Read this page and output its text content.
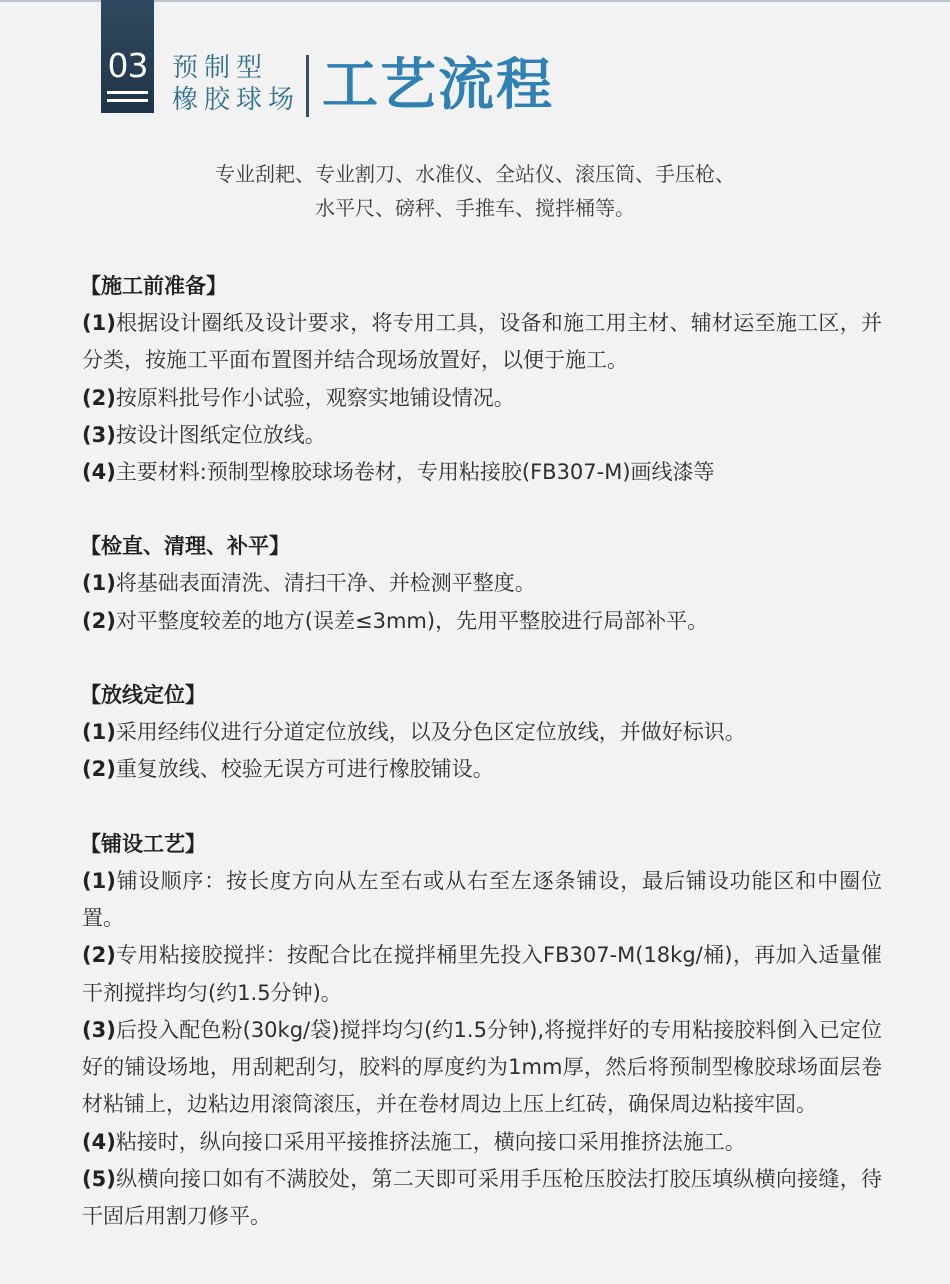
03 预制型
橡胶球场 工艺流程
专业刮耙、专业割刀、水准仪、全站仪、滚压筒、手压枪、
水平尺、磅秤、手推车、搅拌桶等。
【施工前准备】
(1)根据设计圈纸及设计要求，将专用工具，设备和施工用主材、辅材运至施工区，并分类，按施工平面布置图并结合现场放置好，以便于施工。
(2)按原料批号作小试验，观察实地铺设情况。
(3)按设计图纸定位放线。
(4)主要材料:预制型橡胶球场卷材，专用粘接胶(FB307-M)画线漆等
【检直、清理、补平】
(1)将基础表面清洗、清扫干净、并检测平整度。
(2)对平整度较差的地方(误差≤3mm)，先用平整胶进行局部补平。
【放线定位】
(1)采用经纬仪进行分道定位放线，以及分色区定位放线，并做好标识。
(2)重复放线、校验无误方可进行橡胶铺设。
【铺设工艺】
(1)铺设顺序：按长度方向从左至右或从右至左逐条铺设，最后铺设功能区和中圈位置。
(2)专用粘接胶搅拌：按配合比在搅拌桶里先投入FB307-M(18kg/桶)，再加入适量催干剂搅拌均匀(约1.5分钟)。
(3)后投入配色粉(30kg/袋)搅拌均匀(约1.5分钟),将搅拌好的专用粘接胶料倒入已定位好的铺设场地，用刮耙刮匀，胶料的厚度约为1mm厚，然后将预制型橡胶球场面层卷材粘铺上，边粘边用滚筒滚压，并在卷材周边上压上红砖，确保周边粘接牢固。
(4)粘接时，纵向接口采用平接推挤法施工，横向接口采用推挤法施工。
(5)纵横向接口如有不满胶处，第二天即可采用手压枪压胶法打胶压填纵横向接缝，待干固后用割刀修平。
